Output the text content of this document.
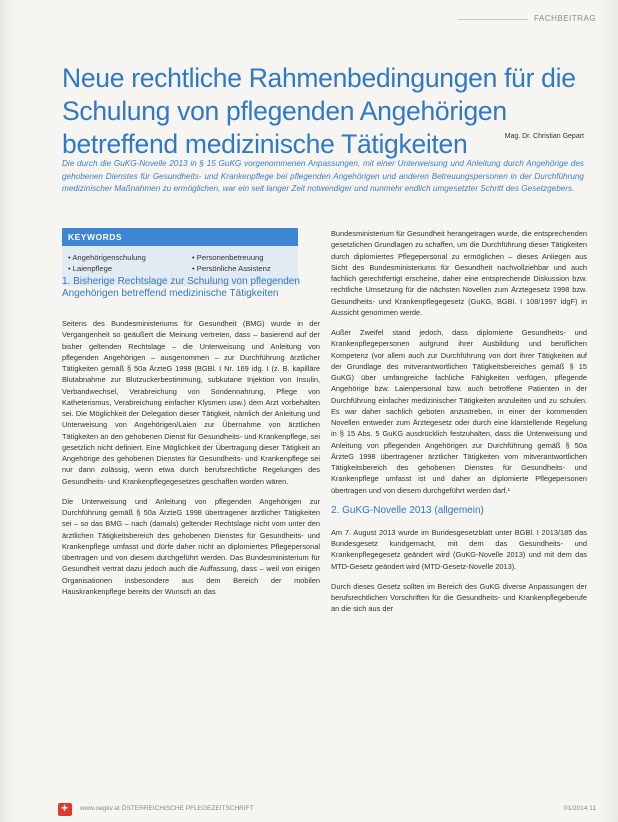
FACHBEITRAG
Neue rechtliche Rahmenbedingungen für die Schulung von pflegenden Angehörigen betreffend medizinische Tätigkeiten	Mag. Dr. Christian Gepart
Die durch die GuKG-Novelle 2013 in § 15 GuKG vorgenommenen Anpassungen, mit einer Unterweisung und Anleitung durch Angehörige des gehobenen Dienstes für Gesundheits- und Krankenpflege bei pflegenden Angehörigen und anderen Betreuungspersonen in der Durchführung medizinischer Maßnahmen zu ermöglichen, war ein seit langer Zeit notwendiger und nunmehr endlich umgesetzter Schritt des Gesetzgebers.
KEYWORDS
• Angehörigenschulung	• Personenbetreuung
• Laienpflege	• Persönliche Assistenz
1. Bisherige Rechtslage zur Schulung von pflegenden Angehörigen betreffend medizinische Tätigkeiten

Seitens des Bundesministeriums für Gesundheit (BMG) wurde in der Vergangenheit so geäußert die Meinung vertreten, dass – basierend auf der bisher geltenden Rechtslage – die Unterweisung und Anleitung von pflegenden Angehörigen – ausgenommen – zur Durchführung ärztlicher Tätigkeiten gemäß § 50a ÄrzteG 1998 (BGBl. I Nr. 169 idg. I (z. B. kapilläre Blutabnahme zur Blutzuckerbestimmung, subkutane Injektion von Insulin, Verbandwechsel, Verabreichung von Sondennahrung, Pflege von Katheterismus, Verabreichung einfacher Klysmen usw.) dem Arzt vorbehalten sei. Die Möglichkeit der Delegation dieser Tätigkeit, nämlich der Anleitung und Unterweisung von Angehörigen/Laien zur Übernahme von ärztlichen Tätigkeiten an den gehobenen Dienst für Gesundheits- und Krankenpflege, sei gesetzlich nicht definiert. Eine Möglichkeit der Übertragung dieser Tätigkeit an Angehörige des gehobenen Dienstes für Gesundheits- und Krankenpflege sei nur dann zulässig, wenn etwa durch berufsrechtliche Regelungen des Gesundheits- und Krankenpflegegesetzes geschaffen worden wären.

Die Unterweisung und Anleitung von pflegenden Angehörigen zur Durchführung gemäß § 50a ÄrzteG 1998 übertragener ärztlicher Tätigkeiten sei – so das BMG – nach (damals) geltender Rechtslage nicht vom unter den ärztlichen Tätigkeitsbereich des gehobenen Dienstes für Gesundheits- und Krankenpflege umfasst und dürfe daher nicht an diplomiertes Pflegepersonal übertragen und von diesem durchgeführt werden. Das Bundesministerium für Gesundheit vertrat dazu jedoch auch die Auffassung, dass – weil von einigen Organisationen insbesondere aus dem Bereich der mobilen Hauskrankenpflege bereits der Wunsch an das

Bundesministerium für Gesundheit herangetragen wurde, die entsprechenden gesetzlichen Grundlagen zu schaffen, um die Durchführung dieser Tätigkeiten durch diplomiertes Pflegepersonal zu ermöglichen – dieses Anliegen aus Sicht des Bundesministeriums für Gesundheit nachvollziehbar und auch fachlich gerechtfertigt erscheine, daher eine entsprechende Diskussion bzw. rechtliche Umsetzung für die nächsten Novellen zum Ärztegesetz 1998 bzw. Gesundheits- und Krankenpflegegesetz (GuKG, BGBl. I 108/1997 idgF) in Aussicht genommen werde.

Außer Zweifel stand jedoch, dass diplomierte Gesundheits- und Krankenpflegepersonen aufgrund ihrer Ausbildung und beruflichen Kompetenz (vor allem auch zur Durchführung von dort ihrer Tätigkeiten auf der Grundlage des mitverantwortlichen Tätigkeitsbereiches gemäß § 15 GuKG) über umfangreiche fachliche Fähigkeiten verfügen, pflegende Angehörige bzw. Laienpersonal bzw. auch betroffene Patienten in der Durchführung einfacher medizinischer Tätigkeiten anzuleiten und zu schulen. Es war daher sachlich geboten anzustreben, in einer der kommenden Novellen entweder zum Ärztegesetz oder durch eine klarstellende Regelung in § 15 Abs. 5 GuKG ausdrücklich festzuhalten, dass die Unterweisung und Anleitung von pflegenden Angehörigen zur Durchführung gemäß § 50a ÄrzteG 1998 übertragener ärztlicher Tätigkeiten vom mitverantwortlichen Tätigkeitsbereich des gehobenen Dienstes für Gesundheits- und Krankenpflege umfasst ist und daher an diplomierte Pflegepersonen übertragen und von diesem durchgeführt werden darf.¹

2. GuKG-Novelle 2013 (allgemein)

Am 7. August 2013 wurde im Bundesgesetzblatt unter BGBl. I 2013/185 das Bundesgesetz kundgemacht, mit dem das Gesundheits- und Krankenpflegegesetz geändert wird (GuKG-Novelle 2013) und mit dem das MTD-Gesetz geändert wird (MTD-Gesetz-Novelle 2013).

Durch dieses Gesetz sollten im Bereich des GuKG diverse Anpassungen der berufsrechtlichen Vorschriften für die Gesundheits- und Krankenpflegeberufe an die sich aus der

+
www.oegkv.at ÖSTERREICHISCHE PFLEGEZEITSCHRIFT	01/2014 11
